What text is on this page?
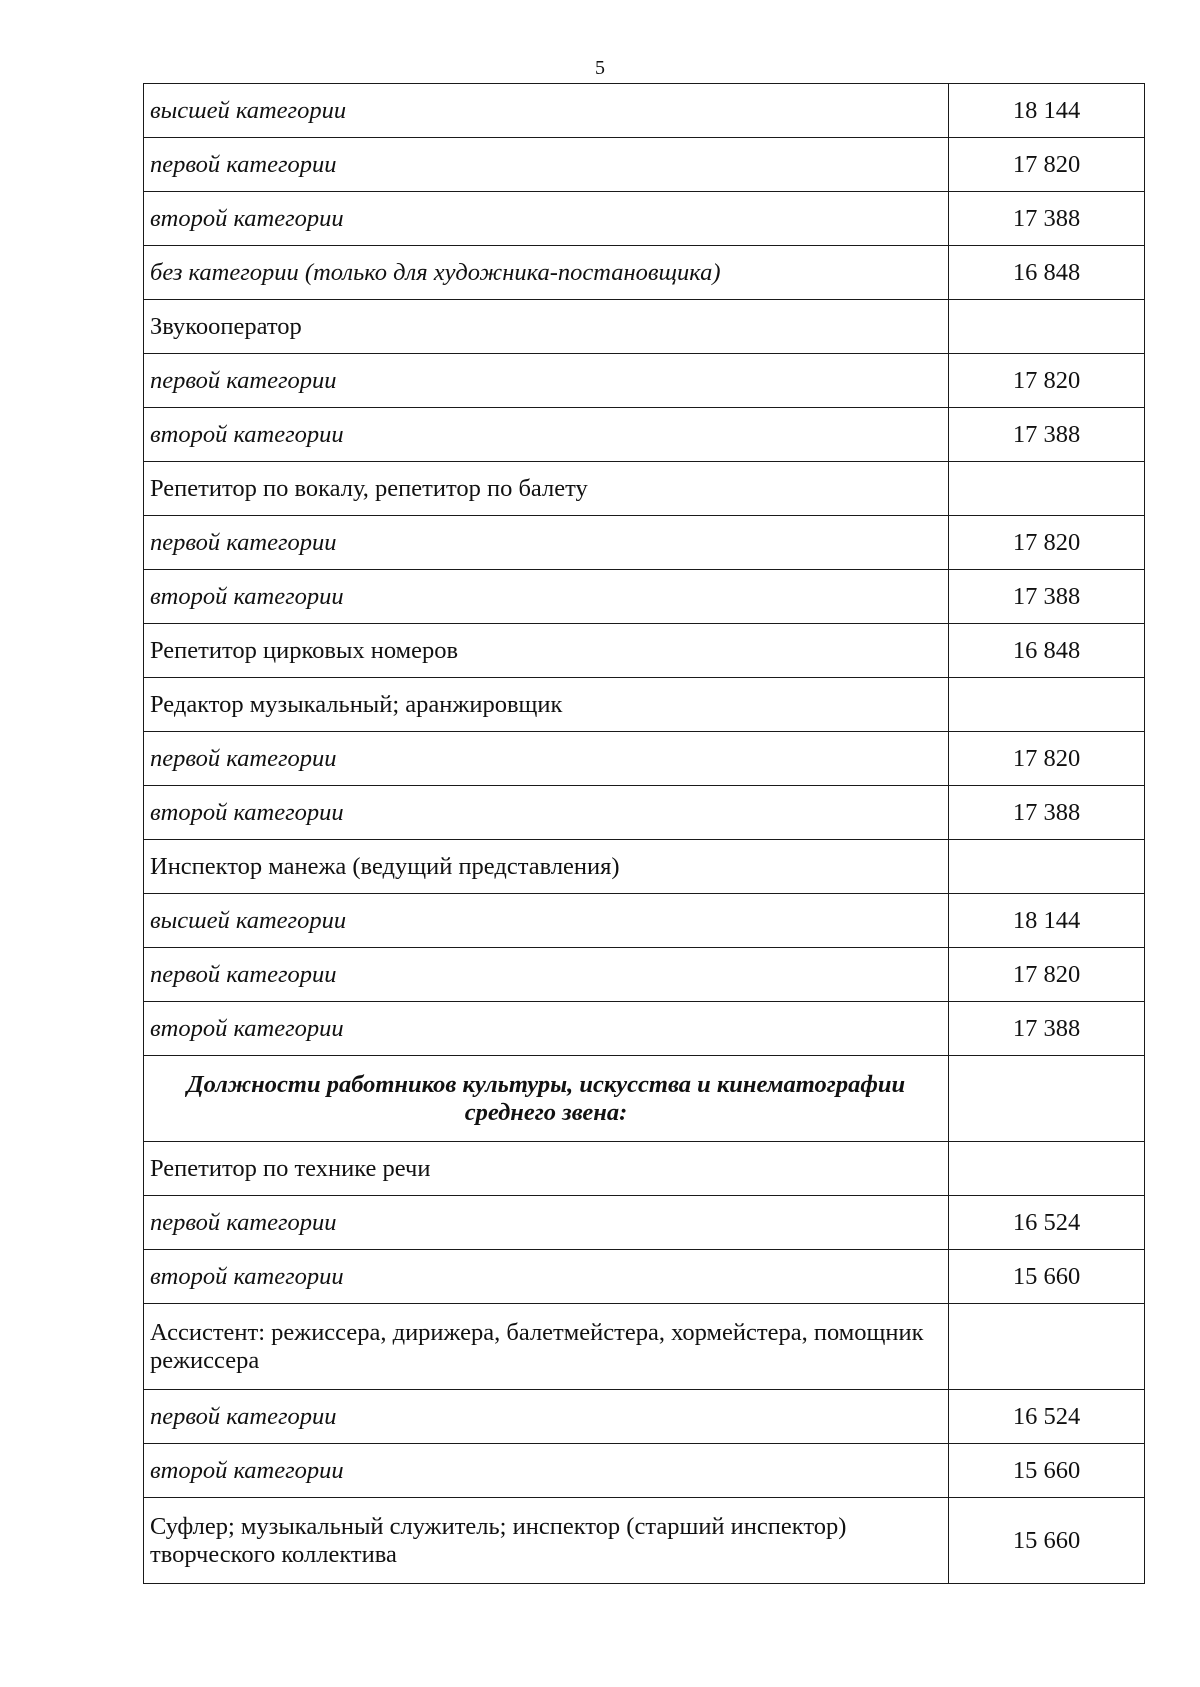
5
высшей категории	18 144
первой категории	17 820
второй категории	17 388
без категории (только для художника-постановщика)	16 848
Звукооператор	
первой категории	17 820
второй категории	17 388
Репетитор по вокалу, репетитор по балету	
первой категории	17 820
второй категории	17 388
Репетитор цирковых номеров	16 848
Редактор музыкальный; аранжировщик	
первой категории	17 820
второй категории	17 388
Инспектор манежа (ведущий представления)	
высшей категории	18 144
первой категории	17 820
второй категории	17 388
Должности работников культуры, искусства и кинематографии среднего звена:	
Репетитор по технике речи	
первой категории	16 524
второй категории	15 660
Ассистент: режиссера, дирижера, балетмейстера, хормейстера, помощник режиссера	
первой категории	16 524
второй категории	15 660
Суфлер; музыкальный служитель; инспектор (старший инспектор) творческого коллектива	15 660
